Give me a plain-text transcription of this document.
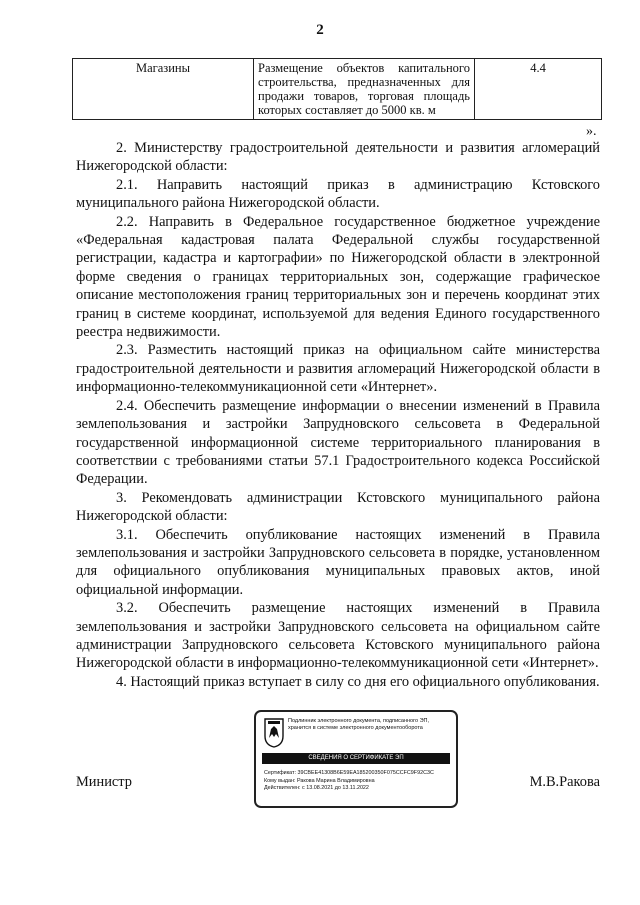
2
Магазины	Размещение объектов капитального строительства, предназначенных для продажи товаров, торговая площадь которых составляет до 5000 кв. м	4.4
».

2. Министерству градостроительной деятельности и развития агломераций Нижегородской области:

2.1. Направить настоящий приказ в администрацию Кстовского муниципального района Нижегородской области.

2.2. Направить в Федеральное государственное бюджетное учреждение «Федеральная кадастровая палата Федеральной службы государственной регистрации, кадастра и картографии» по Нижегородской области в электронной форме сведения о границах территориальных зон, содержащие графическое описание местоположения границ территориальных зон и перечень координат этих границ в системе координат, используемой для ведения Единого государственного реестра недвижимости.

2.3. Разместить настоящий приказ на официальном сайте министерства градостроительной деятельности и развития агломераций Нижегородской области в информационно-телекоммуникационной сети «Интернет».

2.4. Обеспечить размещение информации о внесении изменений в Правила землепользования и застройки Запрудновского сельсовета в Федеральной государственной информационной системе территориального планирования в соответствии с требованиями статьи 57.1 Градостроительного кодекса Российской Федерации.

3. Рекомендовать администрации Кстовского муниципального района Нижегородской области:

3.1. Обеспечить опубликование настоящих изменений в Правила землепользования и застройки Запрудновского сельсовета в порядке, установленном для официального опубликования муниципальных правовых актов, иной официальной информации.

3.2. Обеспечить размещение настоящих изменений в Правила землепользования и застройки Запрудновского сельсовета на официальном сайте администрации Запрудновского сельсовета Кстовского муниципального района Нижегородской области в информационно-телекоммуникационной сети «Интернет».

4. Настоящий приказ вступает в силу со дня его официального опубликования.

Министр	М.В.Ракова
Подлинник электронного документа, подписанного ЭП,
хранится в системе электронного документооборота
СВЕДЕНИЯ О СЕРТИФИКАТЕ ЭП
Сертификат: 39CBEE41308B6E59EA185200350F075CCFC9F92C3C
Кому выдан: Ракова Марина Владимировна
Действителен: с 13.08.2021 до 13.11.2022
